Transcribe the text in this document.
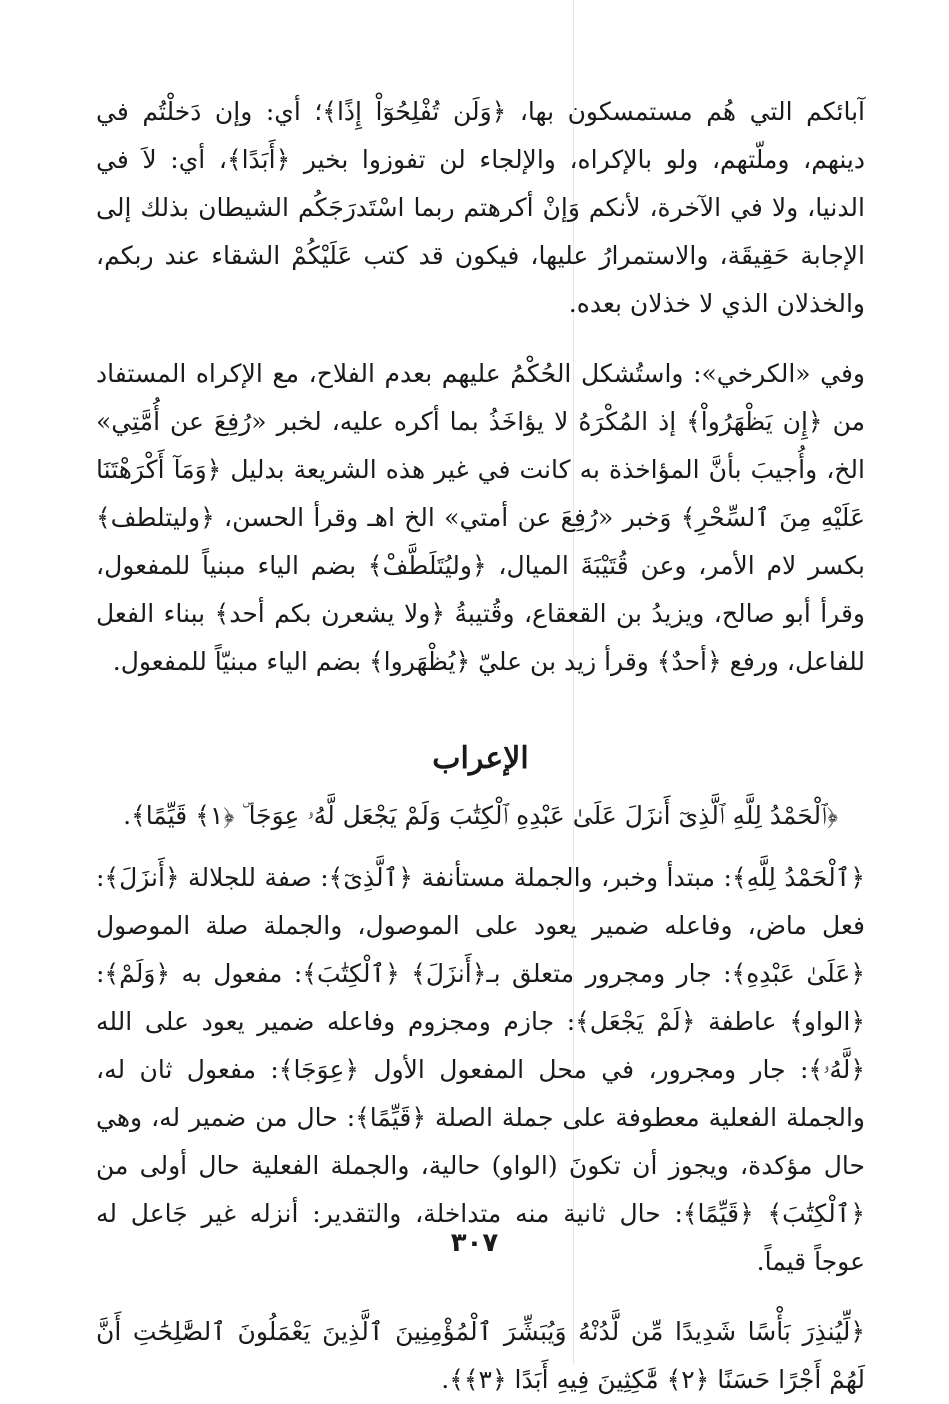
آبائكم التي هُم مستمسكون بها، ﴿وَلَن تُفْلِحُوٓاْ إِذًا﴾؛ أي: وإن دَخلْتُم في دينهم، وملّتهم، ولو بالإكراه، والإلجاء لن تفوزوا بخير ﴿أَبَدًا﴾، أي: لاَ في الدنيا، ولا في الآخرة، لأنكم وَإنْ أكرهتم ربما اسْتَدرَجَكُم الشيطان بذلك إلى الإجابة حَقِيقَة، والاستمرارُ عليها، فيكون قد كتب عَلَيْكُمْ الشقاء عند ربكم، والخذلان الذي لا خذلان بعده.

وفي «الكرخي»: واستُشكل الحُكْمُ عليهم بعدم الفلاح، مع الإكراه المستفاد من ﴿إِن يَظْهَرُواْ﴾ إذ المُكْرَهُ لا يؤاخَذُ بما أكره عليه، لخبر «رُفِعَ عن أُمَّتِي» الخ، وأُجيبَ بأنَّ المؤاخذة به كانت في غير هذه الشريعة بدليل ﴿وَمَآ أَكْرَهْتَنَا عَلَيْهِ مِنَ ٱلسِّحْرِ﴾ وَخبر «رُفِعَ عن أمتي» الخ اهـ وقرأ الحسن، ﴿وليتلطف﴾ بكسر لام الأمر، وعن قُتَيْبَةَ الميال، ﴿وليُتَلَطَّفْ﴾ بضم الياء مبنياً للمفعول، وقرأ أبو صالح، ويزيدُ بن القعقاع، وقُتيبةُ ﴿ولا يشعرن بكم أحد﴾ ببناء الفعل للفاعل، ورفع ﴿أحدٌ﴾ وقرأ زيد بن عليّ ﴿يُظْهَروا﴾ بضم الياء مبنيّاً للمفعول.

الإعراب

﴿ٱلْحَمْدُ لِلَّهِ ٱلَّذِىٓ أَنزَلَ عَلَىٰ عَبْدِهِ ٱلْكِتَٰبَ وَلَمْ يَجْعَل لَّهُۥ عِوَجَا ۜ ﴿١﴾ قَيِّمًا﴾.

﴿ٱلْحَمْدُ لِلَّهِ﴾: مبتدأ وخبر، والجملة مستأنفة ﴿ٱلَّذِىٓ﴾: صفة للجلالة ﴿أَنزَلَ﴾: فعل ماض، وفاعله ضمير يعود على الموصول، والجملة صلة الموصول ﴿عَلَىٰ عَبْدِهِ﴾: جار ومجرور متعلق بـ﴿أَنزَلَ﴾ ﴿ٱلْكِتَٰبَ﴾: مفعول به ﴿وَلَمْ﴾: ﴿الواو﴾ عاطفة ﴿لَمْ يَجْعَل﴾: جازم ومجزوم وفاعله ضمير يعود على الله ﴿لَّهُۥ﴾: جار ومجرور، في محل المفعول الأول ﴿عِوَجَا﴾: مفعول ثان له، والجملة الفعلية معطوفة على جملة الصلة ﴿قَيِّمًا﴾: حال من ضمير له، وهي حال مؤكدة، ويجوز أن تكونَ (الواو) حالية، والجملة الفعلية حال أولى من ﴿ٱلْكِتَٰبَ﴾ ﴿قَيِّمًا﴾: حال ثانية منه متداخلة، والتقدير: أنزله غير جَاعل له عوجاً قيماً.

﴿لِّيُنذِرَ بَأْسًا شَدِيدًا مِّن لَّدُنْهُ وَيُبَشِّرَ ٱلْمُؤْمِنِينَ ٱلَّذِينَ يَعْمَلُونَ ٱلصَّٰلِحَٰتِ أَنَّ لَهُمْ أَجْرًا حَسَنًا ﴿٢﴾ مَّٰكِثِينَ فِيهِ أَبَدًا ﴿٣﴾﴾.

٣٠٧
